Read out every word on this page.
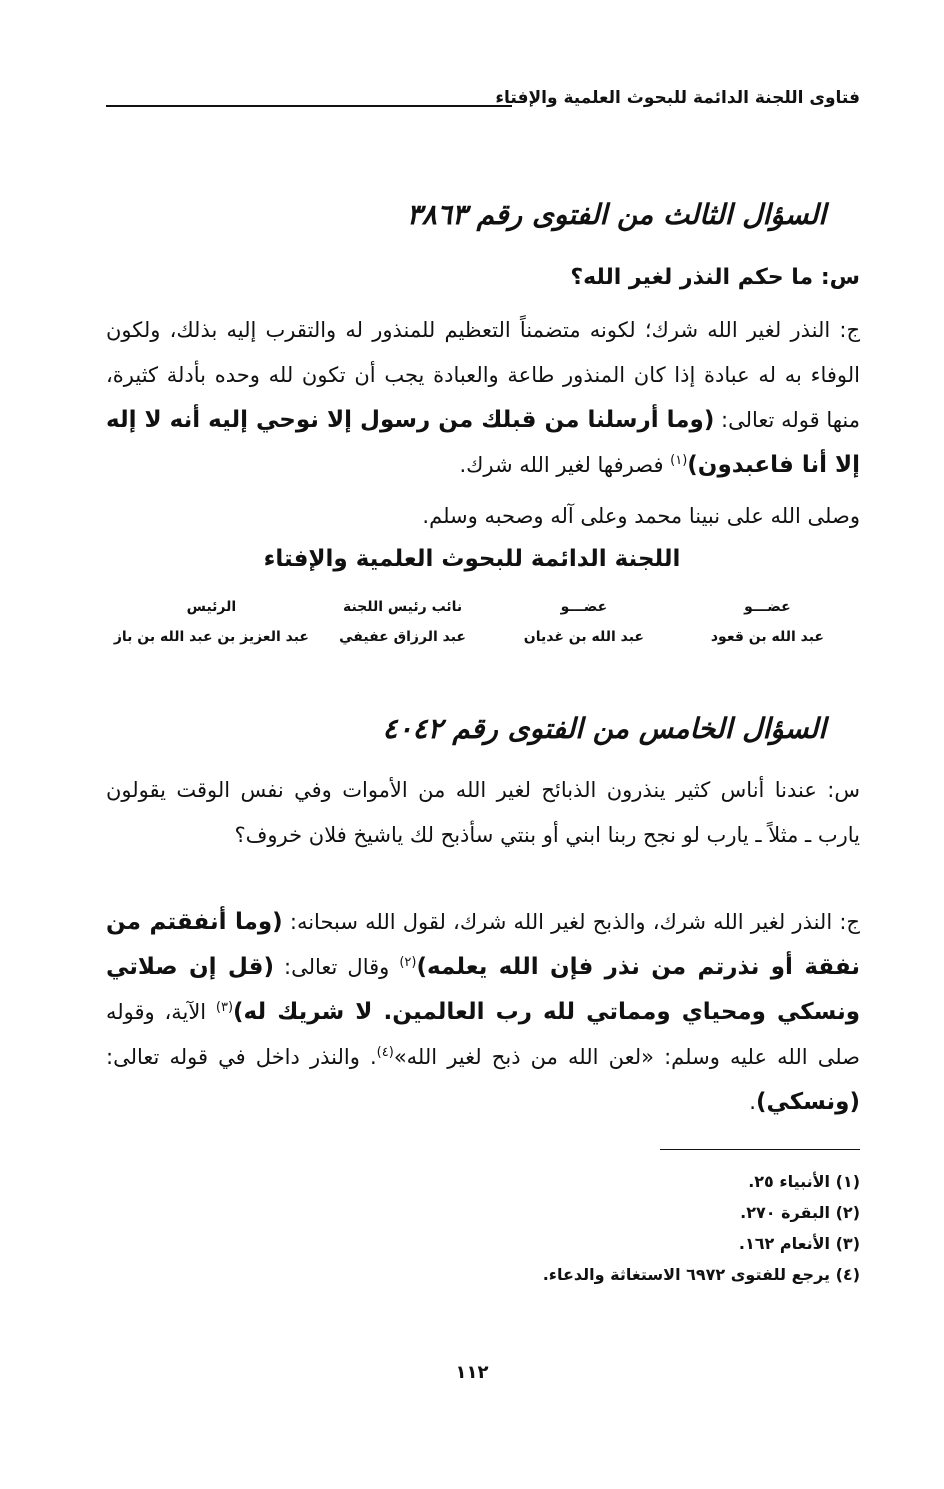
فتاوى اللجنة الدائمة للبحوث العلمية والإفتاء
السؤال الثالث من الفتوى رقم ٣٨٦٣
س: ما حكم النذر لغير الله؟
ج: النذر لغير الله شرك؛ لكونه متضمناً التعظيم للمنذور له والتقرب إليه بذلك، ولكون الوفاء به له عبادة إذا كان المنذور طاعة والعبادة يجب أن تكون لله وحده بأدلة كثيرة، منها قوله تعالى: (وما أرسلنا من قبلك من رسول إلا نوحي إليه أنه لا إله إلا أنا فاعبدون)$^{(١)}$ فصرفها لغير الله شرك.
وصلى الله على نبينا محمد وعلى آله وصحبه وسلم.
اللجنة الدائمة للبحوث العلمية والإفتاء
عضـــو
عبد الله بن قعود
عضـــو
عبد الله بن غديان
نائب رئيس اللجنة
عبد الرزاق عفيفي
الرئيس
عبد العزيز بن عبد الله بن باز
السؤال الخامس من الفتوى رقم ٤٠٤٢
س: عندنا أناس كثير ينذرون الذبائح لغير الله من الأموات وفي نفس الوقت يقولون يارب ـ مثلاً ـ يارب لو نجح ربنا ابني أو بنتي سأذبح لك ياشيخ فلان خروف؟
ج: النذر لغير الله شرك، والذبح لغير الله شرك، لقول الله سبحانه: (وما أنفقتم من نفقة أو نذرتم من نذر فإن الله يعلمه)$^{(٢)}$ وقال تعالى: (قل إن صلاتي ونسكي ومحياي ومماتي لله رب العالمين. لا شريك له)$^{(٣)}$ الآية، وقوله صلى الله عليه وسلم: «لعن الله من ذبح لغير الله»$^{(٤)}$. والنذر داخل في قوله تعالى: (ونسكي).
(١) الأنبياء ٢٥.
(٢) البقرة ٢٧٠.
(٣) الأنعام ١٦٢.
(٤) يرجع للفتوى ٦٩٧٢ الاستغاثة والدعاء.
١١٢
